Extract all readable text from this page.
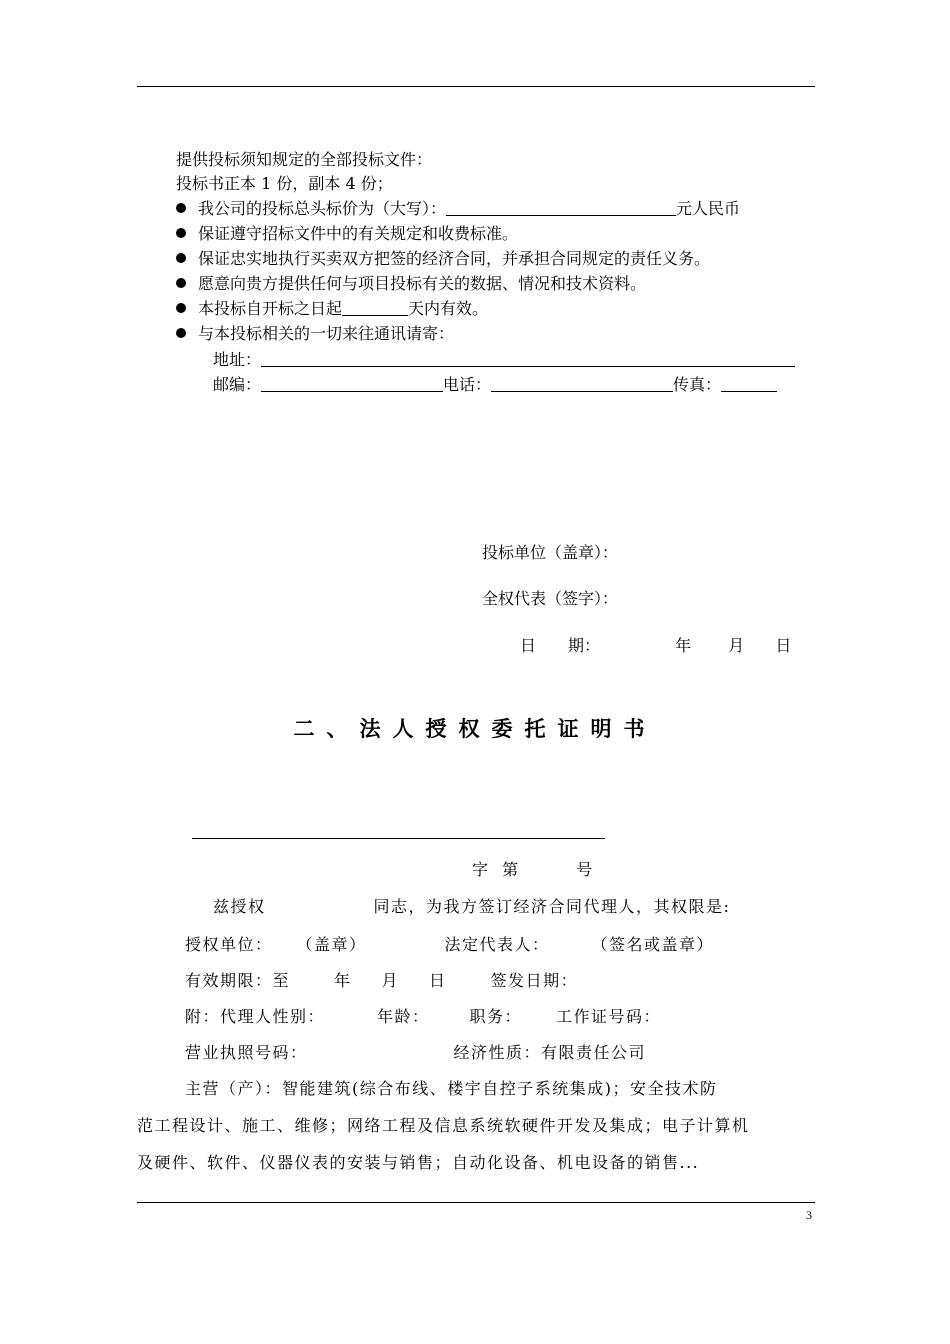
提供投标须知规定的全部投标文件：
投标书正本 1 份，副本 4 份；
我公司的投标总头标价为（大写）：	元人民币
保证遵守招标文件中的有关规定和收费标准。
保证忠实地执行买卖双方把签的经济合同，并承担合同规定的责任义务。
愿意向贵方提供任何与项目投标有关的数据、情况和技术资料。
本投标自开标之日起	天内有效。
与本投标相关的一切来往通讯请寄：
地址：
邮编：	电话：	传真：
投标单位（盖章）：
全权代表（签字）：
日　　期：	年 月 日
二、法人授权委托证明书
字 第	号
兹授权	同志，为我方签订经济合同代理人，其权限是:
授权单位： （盖章）	法定代表人：	（签名或盖章）
有效期限：至	年 月 日	签发日期：
附：代理人性别：	年龄：	职务： 工作证号码：
营业执照号码：	经济性质：有限责任公司
主营（产）：智能建筑(综合布线、楼宇自控子系统集成)；安全技术防
范工程设计、施工、维修；网络工程及信息系统软硬件开发及集成；电子计算机
及硬件、软件、仪器仪表的安装与销售；自动化设备、机电设备的销售...
3
